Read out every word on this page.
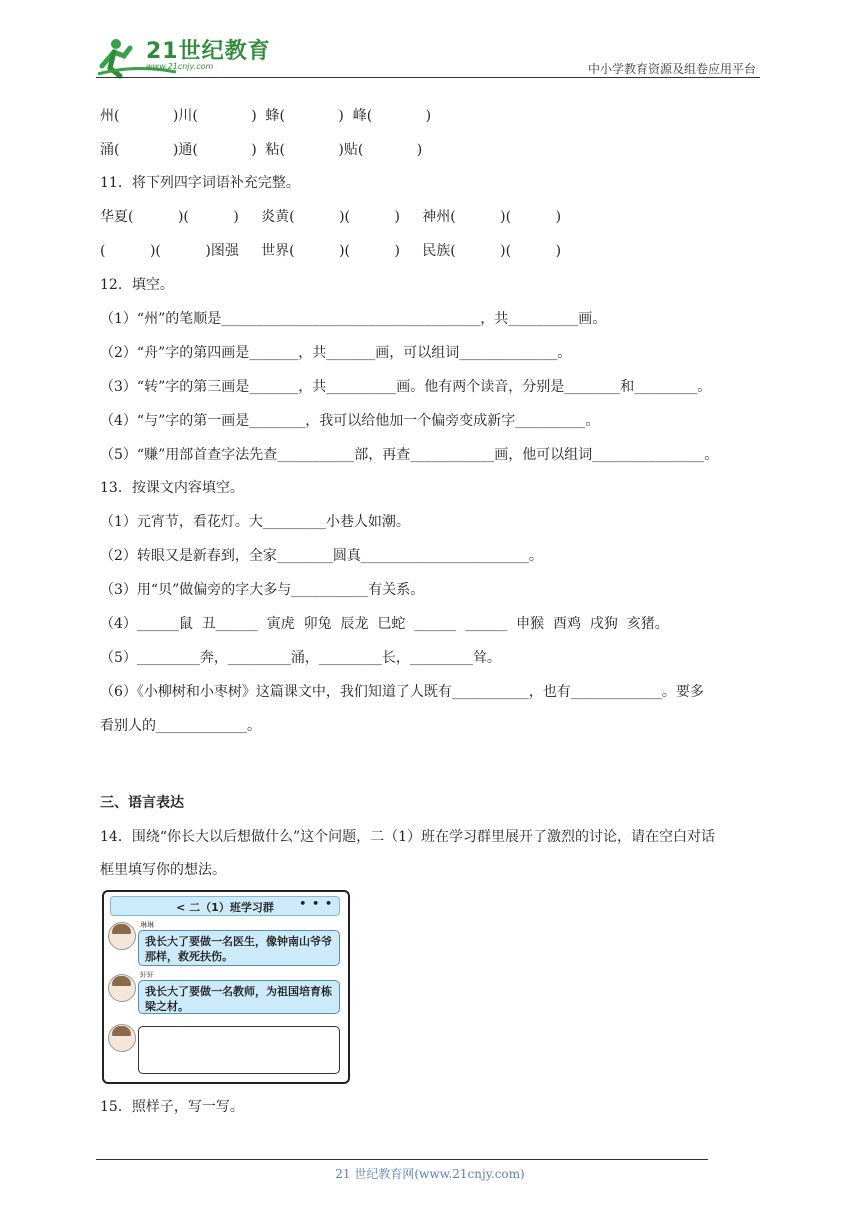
21世纪教育
www.21cnjy.com	中小学教育资源及组卷应用平台
州(            )川(            )  蜂(            )  峰(            )
涌(            )通(            )  粘(            )贴(            )
11．将下列四字词语补充完整。
华夏(          )(          )     炎黄(          )(          )     神州(          )(          )
(          )(          )图强     世界(          )(          )     民族(          )(          )
12．填空。
（1）“州”的笔顺是_____________________________________，共__________画。
（2）“舟”字的第四画是_______，共_______画，可以组词______________。
（3）“转”字的第三画是_______，共__________画。他有两个读音，分别是________和_________。
（4）“与”字的第一画是________，我可以给他加一个偏旁变成新字__________。
（5）“赚”用部首查字法先查___________部，再查____________画，他可以组词________________。
13．按课文内容填空。
（1）元宵节，看花灯。大_________小巷人如潮。
（2）转眼又是新春到，全家________圆真________________________。
（3）用“贝”做偏旁的字大多与___________有关系。
（4）______鼠  丑______  寅虎  卯兔  辰龙  巳蛇  ______  ______  申猴  酉鸡  戌狗  亥猪。
（5）_________奔，_________涌，_________长，_________耸。
（6）《小柳树和小枣树》这篇课文中，我们知道了人既有___________，也有_____________。要多
看别人的_____________。
三、语言表达
14．围绕“你长大以后想做什么”这个问题，二（1）班在学习群里展开了激烈的讨论，请在空白对话
框里填写你的想法。
< 二（1）班学习群	• • •
琳琳
我长大了要做一名医生，像钟南山爷爷那样，救死扶伤。
轩轩
我长大了要做一名教师，为祖国培育栋梁之材。
15．照样子，写一写。
21 世纪教育网(www.21cnjy.com)
